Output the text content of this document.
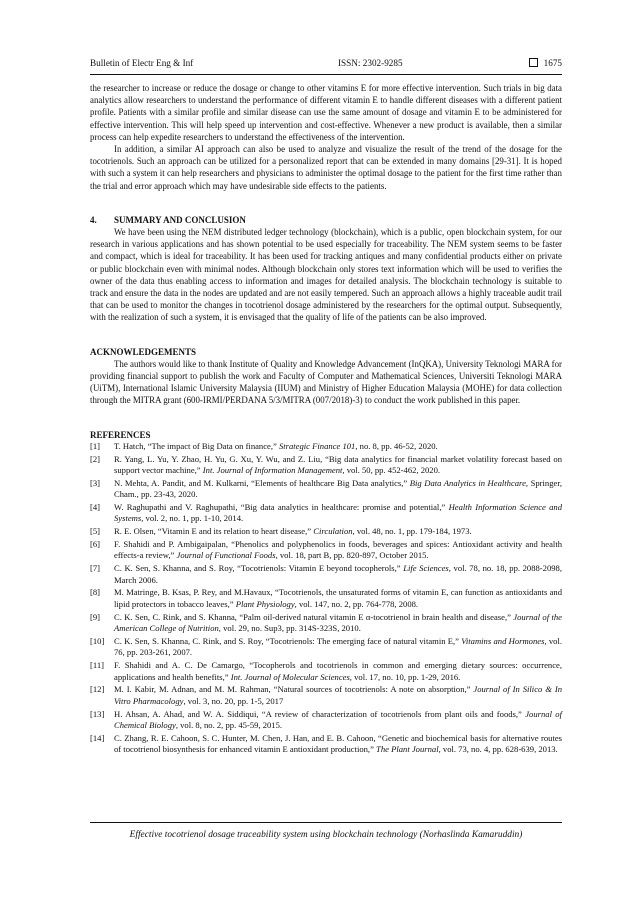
Bulletin of Electr Eng & Inf	ISSN: 2302-9285	1675

the researcher to increase or reduce the dosage or change to other vitamins E for more effective intervention. Such trials in big data analytics allow researchers to understand the performance of different vitamin E to handle different diseases with a different patient profile. Patients with a similar profile and similar disease can use the same amount of dosage and vitamin E to be administered for effective intervention. This will help speed up intervention and cost-effective. Whenever a new product is available, then a similar process can help expedite researchers to understand the effectiveness of the intervention.

In addition, a similar AI approach can also be used to analyze and visualize the result of the trend of the dosage for the tocotrienols. Such an approach can be utilized for a personalized report that can be extended in many domains [29-31]. It is hoped with such a system it can help researchers and physicians to administer the optimal dosage to the patient for the first time rather than the trial and error approach which may have undesirable side effects to the patients.

4. SUMMARY AND CONCLUSION

We have been using the NEM distributed ledger technology (blockchain), which is a public, open blockchain system, for our research in various applications and has shown potential to be used especially for traceability. The NEM system seems to be faster and compact, which is ideal for traceability. It has been used for tracking antiques and many confidential products either on private or public blockchain even with minimal nodes. Although blockchain only stores text information which will be used to verifies the owner of the data thus enabling access to information and images for detailed analysis. The blockchain technology is suitable to track and ensure the data in the nodes are updated and are not easily tempered. Such an approach allows a highly traceable audit trail that can be used to monitor the changes in tocotrienol dosage administered by the researchers for the optimal output. Subsequently, with the realization of such a system, it is envisaged that the quality of life of the patients can be also improved.

ACKNOWLEDGEMENTS

The authors would like to thank Institute of Quality and Knowledge Advancement (InQKA), University Teknologi MARA for providing financial support to publish the work and Faculty of Computer and Mathematical Sciences, Universiti Teknologi MARA (UiTM), International Islamic University Malaysia (IIUM) and Ministry of Higher Education Malaysia (MOHE) for data collection through the MITRA grant (600-IRMI/PERDANA 5/3/MITRA (007/2018)-3) to conduct the work published in this paper.

REFERENCES

[1]	T. Hatch, “The impact of Big Data on finance,” Strategic Finance 101, no. 8, pp. 46-52, 2020.
[2]	R. Yang, L. Yu, Y. Zhao, H. Yu, G. Xu, Y. Wu, and Z. Liu, “Big data analytics for financial market volatility forecast based on support vector machine,” Int. Journal of Information Management, vol. 50, pp. 452-462, 2020.
[3]	N. Mehta, A. Pandit, and M. Kulkarni, “Elements of healthcare Big Data analytics,” Big Data Analytics in Healthcare, Springer, Cham., pp. 23-43, 2020.
[4]	W. Raghupathi and V. Raghupathi, “Big data analytics in healthcare: promise and potential,” Health Information Science and Systems, vol. 2, no. 1, pp. 1-10, 2014.
[5]	R. E. Olsen, “Vitamin E and its relation to heart disease,” Circulation, vol. 48, no. 1, pp. 179-184, 1973.
[6]	F. Shahidi and P. Ambigaipalan, “Phenolics and polyphenolics in foods, beverages and spices: Antioxidant activity and health effects-a review,” Journal of Functional Foods, vol. 18, part B, pp. 820-897, October 2015.
[7]	C. K. Sen, S. Khanna, and S. Roy, “Tocotrienols: Vitamin E beyond tocopherols,” Life Sciences, vol. 78, no. 18, pp. 2088-2098, March 2006.
[8]	M. Matringe, B. Ksas, P. Rey, and M.Havaux, “Tocotrienols, the unsaturated forms of vitamin E, can function as antioxidants and lipid protectors in tobacco leaves,” Plant Physiology, vol. 147, no. 2, pp. 764-778, 2008.
[9]	C. K. Sen, C. Rink, and S. Khanna, “Palm oil-derived natural vitamin E α-tocotrienol in brain health and disease,” Journal of the American College of Nutrition, vol. 29, no. Sup3, pp. 314S-323S, 2010.
[10]	C. K. Sen, S. Khanna, C. Rink, and S. Roy, “Tocotrienols: The emerging face of natural vitamin E,” Vitamins and Hormones, vol. 76, pp. 203-261, 2007.
[11]	F. Shahidi and A. C. De Camargo, “Tocopherols and tocotrienols in common and emerging dietary sources: occurrence, applications and health benefits,” Int. Journal of Molecular Sciences, vol. 17, no. 10, pp. 1-29, 2016.
[12]	M. I. Kabir, M. Adnan, and M. M. Rahman, “Natural sources of tocotrienols: A note on absorption,” Journal of In Silico & In Vitro Pharmacology, vol. 3, no. 20, pp. 1-5, 2017
[13]	H. Ahsan, A. Ahad, and W. A. Siddiqui, “A review of characterization of tocotrienols from plant oils and foods,” Journal of Chemical Biology, vol. 8, no. 2, pp. 45-59, 2015.
[14]	C. Zhang, R. E. Cahoon, S. C. Hunter, M. Chen, J. Han, and E. B. Cahoon, “Genetic and biochemical basis for alternative routes of tocotrienol biosynthesis for enhanced vitamin E antioxidant production,” The Plant Journal, vol. 73, no. 4, pp. 628-639, 2013.
Effective tocotrienol dosage traceability system using blockchain technology (Norhaslinda Kamaruddin)
